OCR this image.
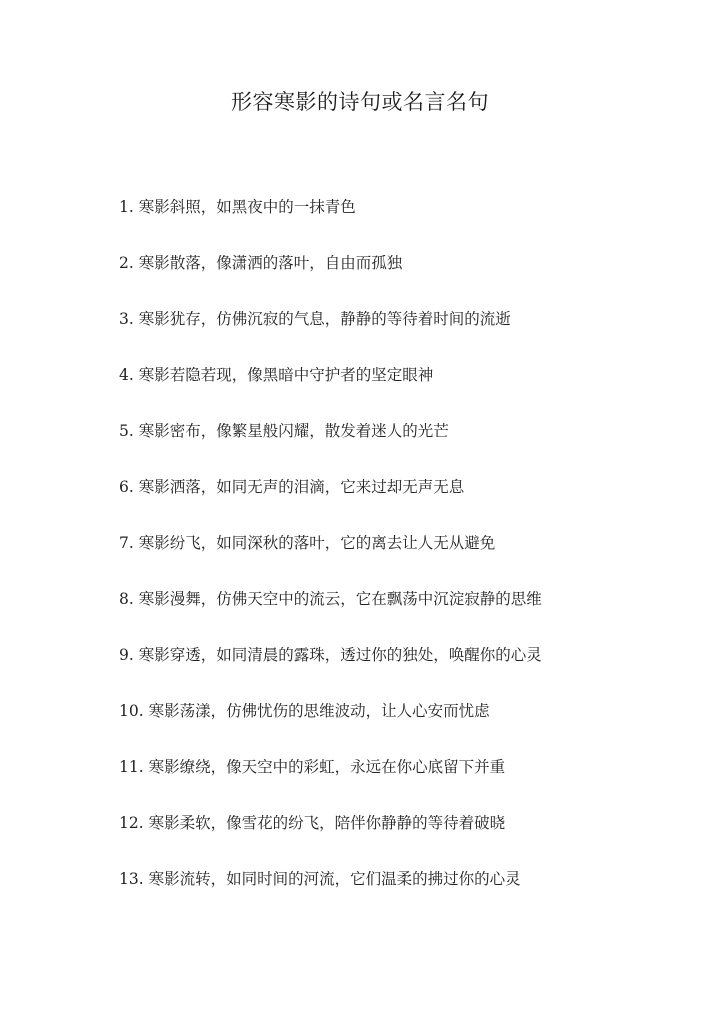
形容寒影的诗句或名言名句
1. 寒影斜照，如黑夜中的一抹青色
2. 寒影散落，像潇洒的落叶，自由而孤独
3. 寒影犹存，仿佛沉寂的气息，静静的等待着时间的流逝
4. 寒影若隐若现，像黑暗中守护者的坚定眼神
5. 寒影密布，像繁星般闪耀，散发着迷人的光芒
6. 寒影洒落，如同无声的泪滴，它来过却无声无息
7. 寒影纷飞，如同深秋的落叶，它的离去让人无从避免
8. 寒影漫舞，仿佛天空中的流云，它在飘荡中沉淀寂静的思维
9. 寒影穿透，如同清晨的露珠，透过你的独处，唤醒你的心灵
10. 寒影荡漾，仿佛忧伤的思维波动，让人心安而忧虑
11. 寒影缭绕，像天空中的彩虹，永远在你心底留下并重
12. 寒影柔软，像雪花的纷飞，陪伴你静静的等待着破晓
13. 寒影流转，如同时间的河流，它们温柔的拂过你的心灵
